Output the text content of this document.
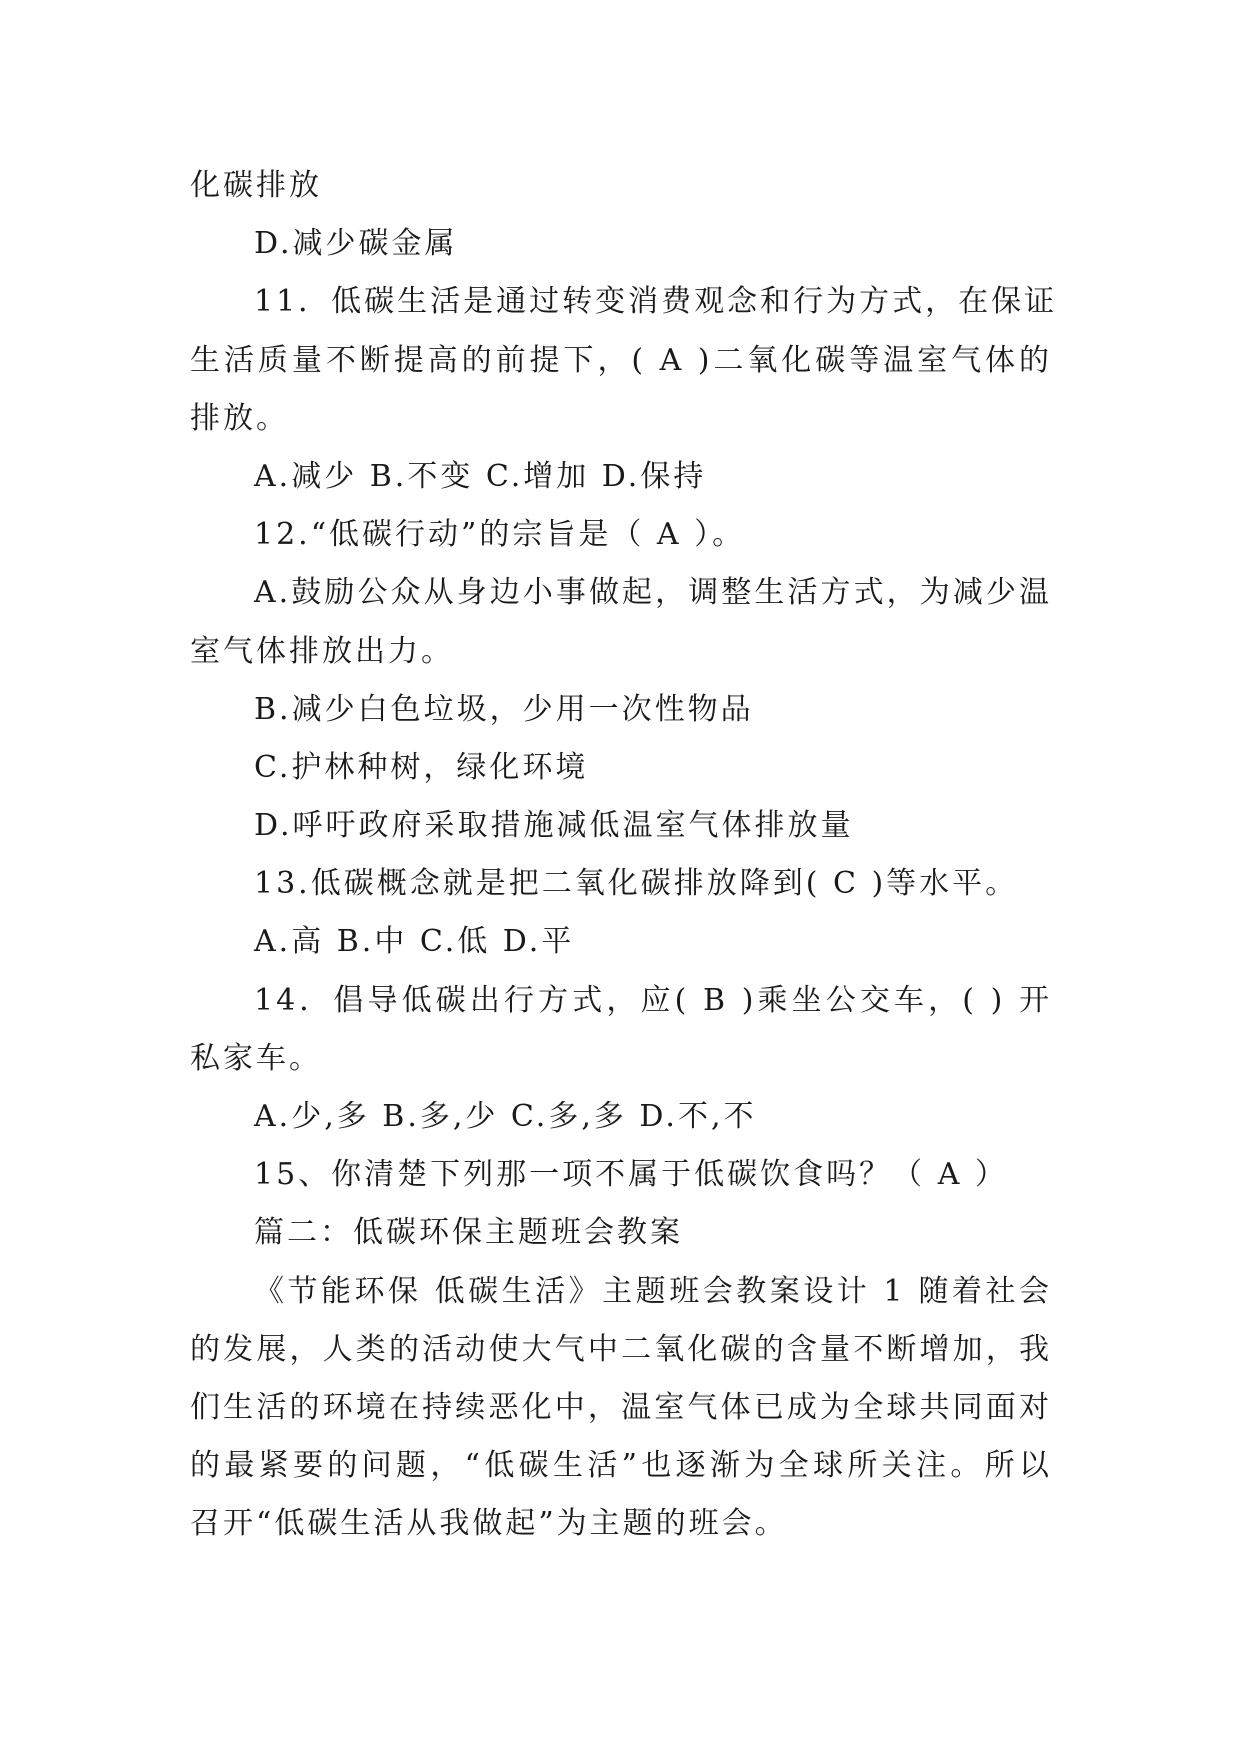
化碳排放
D.减少碳金属
11．低碳生活是通过转变消费观念和行为方式，在保证
生活质量不断提高的前提下，( A )二氧化碳等温室气体的
排放。
A.减少 B.不变 C.增加 D.保持
12.“低碳行动”的宗旨是（ A ）。
A.鼓励公众从身边小事做起，调整生活方式，为减少温
室气体排放出力。
B.减少白色垃圾，少用一次性物品
C.护林种树，绿化环境
D.呼吁政府采取措施减低温室气体排放量
13.低碳概念就是把二氧化碳排放降到( C )等水平。
A.高 B.中 C.低 D.平
14．倡导低碳出行方式，应( B )乘坐公交车，( ) 开
私家车。
A.少,多 B.多,少 C.多,多 D.不,不
15、你清楚下列那一项不属于低碳饮食吗？（ A ）
篇二：低碳环保主题班会教案
《节能环保 低碳生活》主题班会教案设计 1 随着社会
的发展，人类的活动使大气中二氧化碳的含量不断增加，我
们生活的环境在持续恶化中，温室气体已成为全球共同面对
的最紧要的问题，“低碳生活”也逐渐为全球所关注。所以
召开“低碳生活从我做起”为主题的班会。
